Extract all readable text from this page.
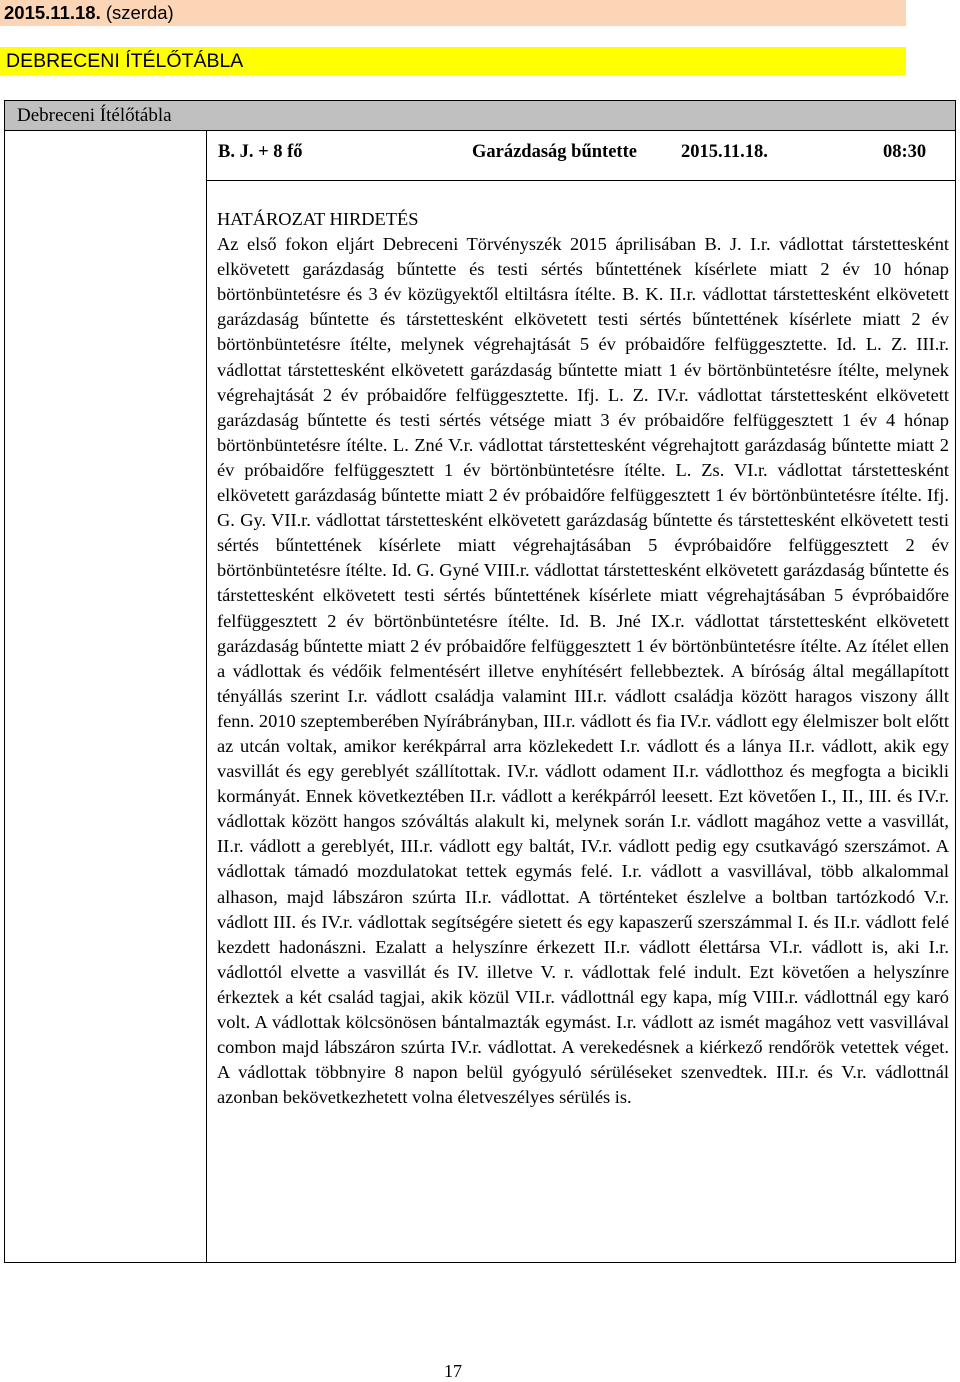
2015.11.18. (szerda)
DEBRECENI ÍTÉLŐTÁBLA
Debreceni Ítélőtábla
B. J. + 8 fő	Garázdaság bűntette 2015.11.18.	08:30

HATÁROZAT HIRDETÉS
Az első fokon eljárt Debreceni Törvényszék 2015 áprilisában B. J. I.r. vádlottat társtettesként elkövetett garázdaság bűntette és testi sértés bűntettének kísérlete miatt 2 év 10 hónap börtönbüntetésre és 3 év közügyektől eltiltásra ítélte. B. K. II.r. vádlottat társtettesként elkövetett garázdaság bűntette és társtettesként elkövetett testi sértés bűntettének kísérlete miatt 2 év börtönbüntetésre ítélte, melynek végrehajtását 5 év próbaidőre felfüggesztette. Id. L. Z. III.r. vádlottat társtettesként elkövetett garázdaság bűntette miatt 1 év börtönbüntetésre ítélte, melynek végrehajtását 2 év próbaidőre felfüggesztette. Ifj. L. Z. IV.r. vádlottat társtettesként elkövetett garázdaság bűntette és testi sértés vétsége miatt 3 év próbaidőre felfüggesztett 1 év 4 hónap börtönbüntetésre ítélte. L. Zné V.r. vádlottat társtettesként végrehajtott garázdaság bűntette miatt 2 év próbaidőre felfüggesztett 1 év börtönbüntetésre ítélte. L. Zs. VI.r. vádlottat társtettesként elkövetett garázdaság bűntette miatt 2 év próbaidőre felfüggesztett 1 év börtönbüntetésre ítélte. Ifj. G. Gy. VII.r. vádlottat társtettesként elkövetett garázdaság bűntette és társtettesként elkövetett testi sértés bűntettének kísérlete miatt végrehajtásában 5 évpróbaidőre felfüggesztett 2 év börtönbüntetésre ítélte. Id. G. Gyné VIII.r. vádlottat társtettesként elkövetett garázdaság bűntette és társtettesként elkövetett testi sértés bűntettének kísérlete miatt végrehajtásában 5 évpróbaidőre felfüggesztett 2 év börtönbüntetésre ítélte. Id. B. Jné IX.r. vádlottat társtettesként elkövetett garázdaság bűntette miatt 2 év próbaidőre felfüggesztett 1 év börtönbüntetésre ítélte. Az ítélet ellen a vádlottak és védőik felmentésért illetve enyhítésért fellebbeztek. A bíróság által megállapított tényállás szerint I.r. vádlott családja valamint III.r. vádlott családja között haragos viszony állt fenn. 2010 szeptemberében Nyírábrányban, III.r. vádlott és fia IV.r. vádlott egy élelmiszer bolt előtt az utcán voltak, amikor kerékpárral arra közlekedett I.r. vádlott és a lánya II.r. vádlott, akik egy vasvillát és egy gereblyét szállítottak. IV.r. vádlott odament II.r. vádlotthoz és megfogta a bicikli kormányát. Ennek következtében II.r. vádlott a kerékpárról leesett. Ezt követően I., II., III. és IV.r. vádlottak között hangos szóváltás alakult ki, melynek során I.r. vádlott magához vette a vasvillát, II.r. vádlott a gereblyét, III.r. vádlott egy baltát, IV.r. vádlott pedig egy csutkavágó szerszámot. A vádlottak támadó mozdulatokat tettek egymás felé. I.r. vádlott a vasvillával, több alkalommal alhason, majd lábszáron szúrta II.r. vádlottat. A történteket észlelve a boltban tartózkodó V.r. vádlott III. és IV.r. vádlottak segítségére sietett és egy kapaszerű szerszámmal I. és II.r. vádlott felé kezdett hadonászni. Ezalatt a helyszínre érkezett II.r. vádlott élettársa VI.r. vádlott is, aki I.r. vádlottól elvette a vasvillát és IV. illetve V. r. vádlottak felé indult. Ezt követően a helyszínre érkeztek a két család tagjai, akik közül VII.r. vádlottnál egy kapa, míg VIII.r. vádlottnál egy karó volt. A vádlottak kölcsönösen bántalmazták egymást. I.r. vádlott az ismét magához vett vasvillával combon majd lábszáron szúrta IV.r. vádlottat. A verekedésnek a kiérkező rendőrök vetettek véget. A vádlottak többnyire 8 napon belül gyógyuló sérüléseket szenvedtek. III.r. és V.r. vádlottnál azonban bekövetkezhetett volna életveszélyes sérülés is.

17
